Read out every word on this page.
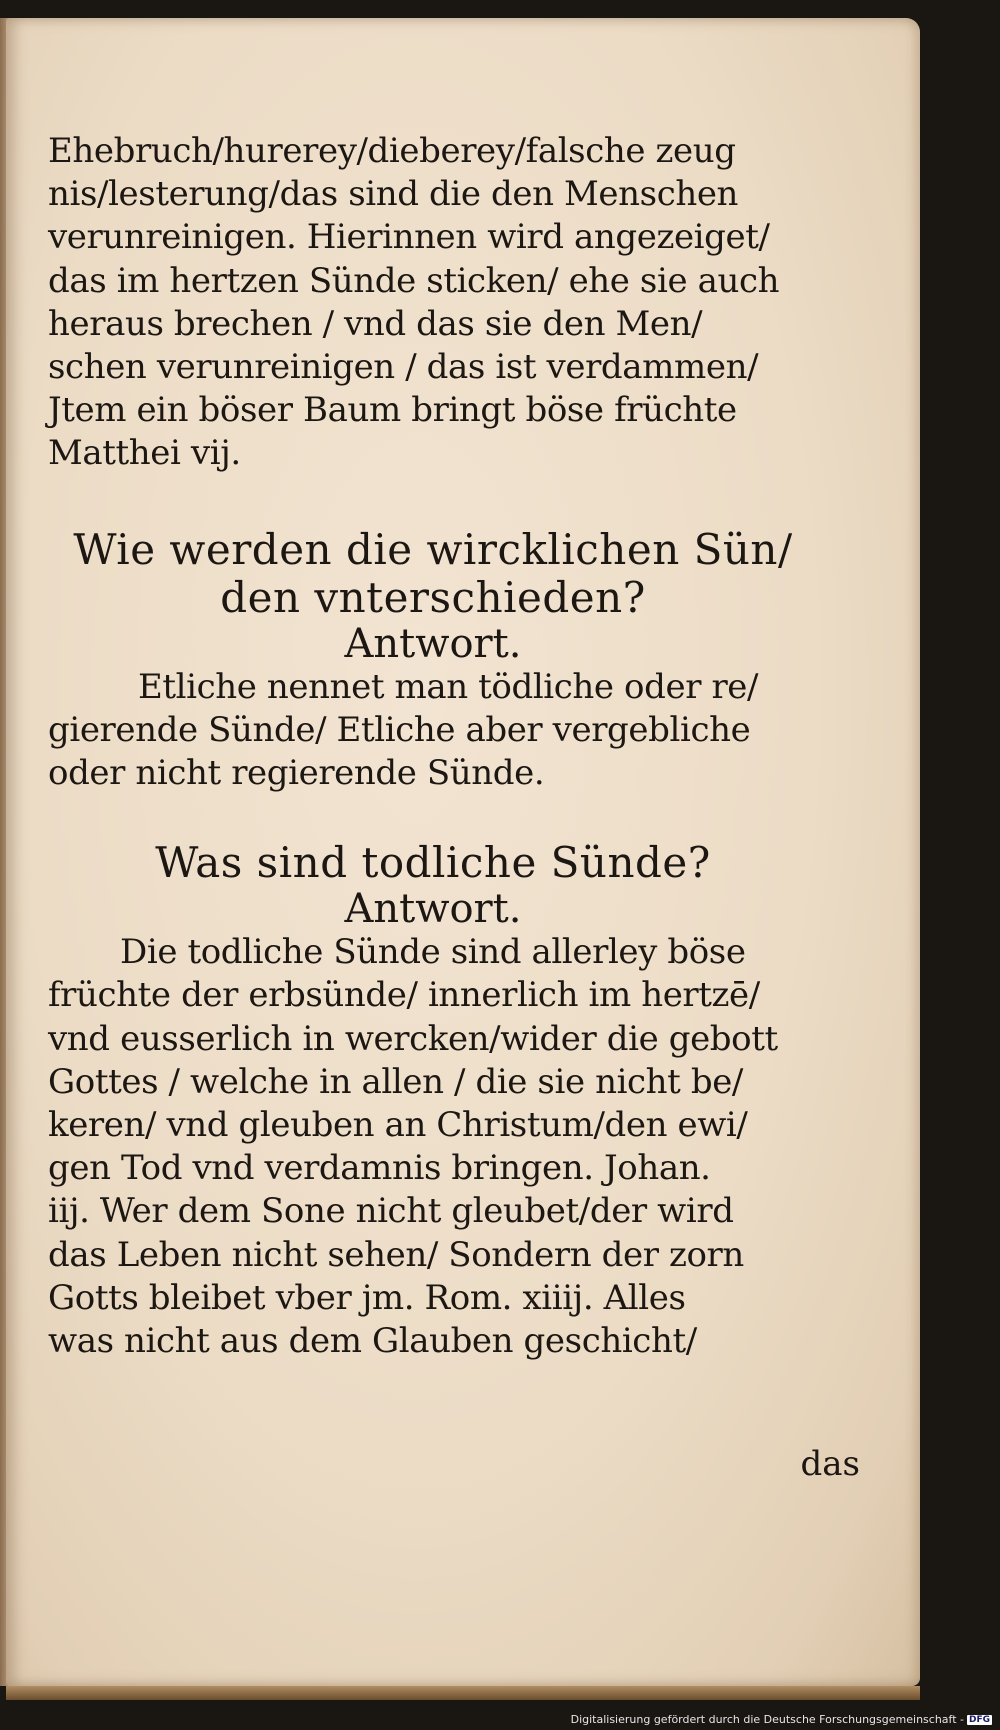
Ehebruch/hurerey/dieberey/falsche zeug
nis/lesterung/das sind die den Menschen
verunreinigen. Hierinnen wird angezeiget/
das im hertzen Sünde sticken/ ehe sie auch
heraus brechen / vnd das sie den Men/
schen verunreinigen / das ist verdammen/
Jtem ein böser Baum bringt böse früchte
Matthei vij.

Wie werden die wircklichen Sün/
den vnterschieden?

Antwort.

Etliche nennet man tödliche oder re/
gierende Sünde/ Etliche aber vergebliche
oder nicht regierende Sünde.

Was sind todliche Sünde?

Antwort.

Die todliche Sünde sind allerley böse
früchte der erbsünde/ innerlich im hertzē/
vnd eusserlich in wercken/wider die gebott
Gottes / welche in allen / die sie nicht be/
keren/ vnd gleuben an Christum/den ewi/
gen Tod vnd verdamnis bringen. Johan.
iij. Wer dem Sone nicht gleubet/der wird
das Leben nicht sehen/ Sondern der zorn
Gotts bleibet vber jm. Rom. xiiij. Alles
was nicht aus dem Glauben geschicht/

das
Digitalisierung gefördert durch die Deutsche Forschungsgemeinschaft - DFG
